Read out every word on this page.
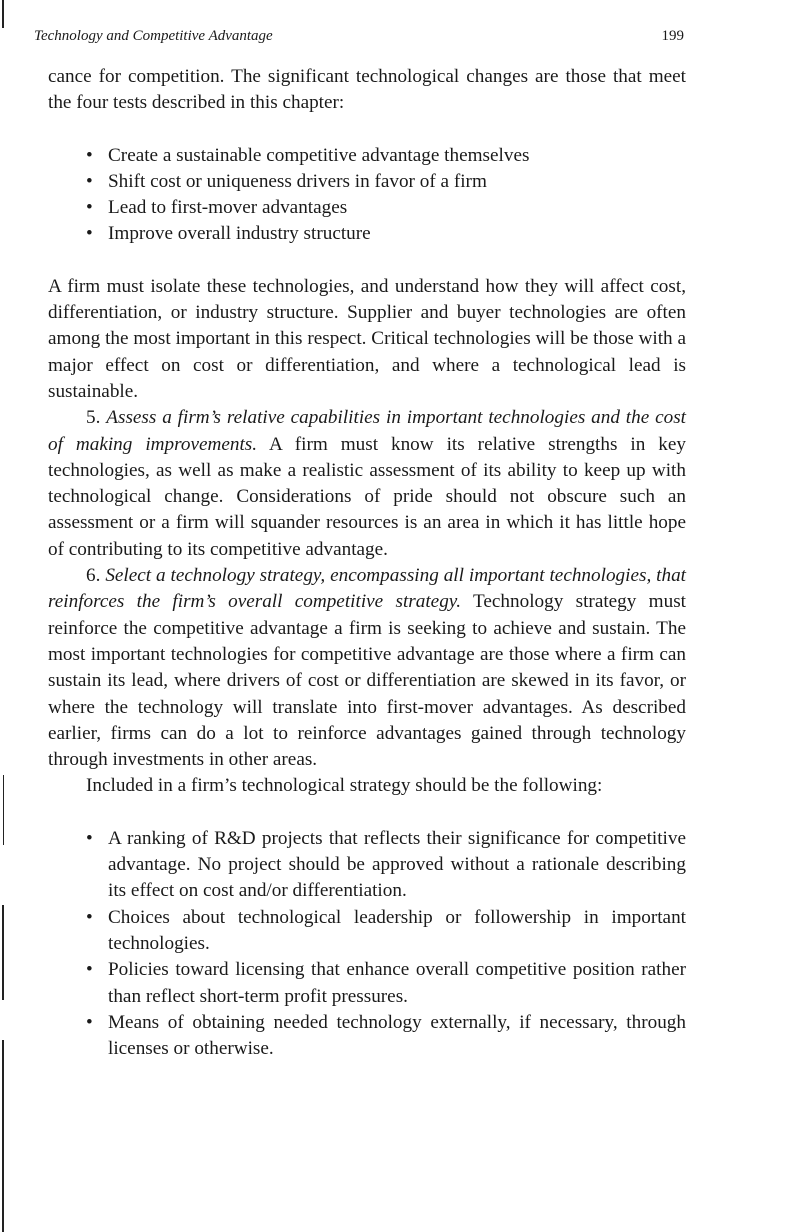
Technology and Competitive Advantage	199

cance for competition. The significant technological changes are those that meet the four tests described in this chapter:

• Create a sustainable competitive advantage themselves
• Shift cost or uniqueness drivers in favor of a firm
• Lead to first-mover advantages
• Improve overall industry structure

A firm must isolate these technologies, and understand how they will affect cost, differentiation, or industry structure. Supplier and buyer technologies are often among the most important in this respect. Critical technologies will be those with a major effect on cost or differentiation, and where a technological lead is sustainable.

5. Assess a firm’s relative capabilities in important technologies and the cost of making improvements. A firm must know its relative strengths in key technologies, as well as make a realistic assessment of its ability to keep up with technological change. Considerations of pride should not obscure such an assessment or a firm will squander resources is an area in which it has little hope of contributing to its competitive advantage.

6. Select a technology strategy, encompassing all important technologies, that reinforces the firm’s overall competitive strategy. Technology strategy must reinforce the competitive advantage a firm is seeking to achieve and sustain. The most important technologies for competitive advantage are those where a firm can sustain its lead, where drivers of cost or differentiation are skewed in its favor, or where the technology will translate into first-mover advantages. As described earlier, firms can do a lot to reinforce advantages gained through technology through investments in other areas.

Included in a firm’s technological strategy should be the following:

• A ranking of R&D projects that reflects their significance for competitive advantage. No project should be approved without a rationale describing its effect on cost and/or differentiation.
• Choices about technological leadership or followership in important technologies.
• Policies toward licensing that enhance overall competitive position rather than reflect short-term profit pressures.
• Means of obtaining needed technology externally, if necessary, through licenses or otherwise.
